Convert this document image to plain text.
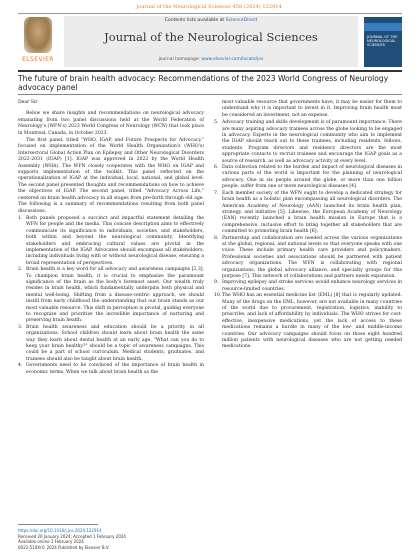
Journal of the Neurological Sciences 458 (2024) 122914
ELSEVIER
Contents lists available at ScienceDirect
Journal of the Neurological Sciences
journal homepage: www.elsevier.com/locate/jns
JOURNAL OF THE NEUROLOGICAL SCIENCES
The future of brain health advocacy: Recommendations of the 2023 World Congress of Neurology advocacy panel

Dear Sir

Below we share insights and recommendations on neurological advocacy emanating from two panel discussions held at the World Federation of Neurology's (WFN's) 2023 World Congress of Neurology (WCN) that took place in Montreal, Canada, in October 2023.

The first panel, titled "WHO, IGAP, and Future Prospects for Advocacy," focused on implementation of the World Health Organization's (WHO's) Intersectoral Global Action Plan on Epilepsy and Other Neurological Disorders 2022-2031 (IGAP) [1]. IGAP was approved in 2022 by the World Health Assembly (WHA). The WFN closely cooperates with the WHO on IGAP and supports implementation of the toolkit. This panel reflected on the operationalization of IGAP at the individual, local, national, and global level. The second panel presented thoughts and recommendations on how to achieve the objectives of IGAP. The second panel, titled "Advocacy Across Life," centered on brain health advocacy in all stages from pre-birth through old age. The following is a summary of recommendations resulting from both panel discussions.

1. Both panels proposed a succinct and impactful statement detailing the WFN for people and the media. This concise description aims to effectively communicate its significance to individuals, societies, and stakeholders, both within and beyond the neurological community. Identifying stakeholders and embracing cultural values are pivotal in the implementation of the IGAP. Advocates should encompass all stakeholders, including individuals living with or without neurological disease, ensuring a broad representation of perspectives.
2. Brain health is a key word for all advocacy and awareness campaigns [2,3]. To champion brain health, it is crucial to emphasize the paramount significance of the brain as the body's foremost asset. Our wealth truly resides in brain health, which fundamentally underpins both physical and mental well-being. Shifting from a disease-centric approach, we should instill from early childhood the understanding that our brain stands as our most valuable resource. This shift in perception is pivotal, guiding everyone to recognize and prioritize the incredible importance of nurturing and preserving brain health.
3. Brain health awareness and education should be a priority in all organizations. School children should learn about brain health the same way they learn about dental health at an early age. "What can you do to keep your brain healthy?" should be a topic of awareness campaigns. This could be a part of school curriculum. Medical students, graduates, and trainees should also be taught about brain health.
4. Governments need to be convinced of the importance of brain health in economic terms. When we talk about brain health as the

most valuable resource that governments have, it may be easier for them to understand why it is important to invest in it. Improving brain health must be considered an investment, not an expense.

5. Advocacy training and skills development is of paramount importance. There are many aspiring advocacy trainees across the globe looking to be engaged in advocacy. Experts in the neurological community who aim to implement the IGAP should reach out to these trainees, including residents, fellows, students. Program directors and residency directors are the most appropriate contacts to recruit trainees and encourage the IGAP goals as a source of research, as well as advocacy activity at every level.
6. Data collection related to the burden and impact of neurological diseases in various parts of the world is important for the planning of neurological advocacy. One in six people around the globe, or more than one billion people, suffer from one or more neurological diseases [4].
7. Each member society of the WFN ought to develop a dedicated strategy for brain health as a holistic plan encompassing all neurological disorders. The American Academy of Neurology (AAN) launched its brain health plan, strategy, and initiative [5]. Likewise, the European Academy of Neurology (EAN) recently launched a brain health mission in Europe that is a comprehensive, inclusive effort to bring together all stakeholders that are committed to promoting brain health [6].
8. Partnership and collaboration are needed across the various organizations at the global, regional, and national levels so that everyone speaks with one voice. These include primary health care providers and policymakers. Professional societies and associations should be partnered with patient advocacy organizations. The WFN is collaborating with regional organizations, the global advocacy alliance, and specialty groups for this purpose [7]. This network of collaborations and partners needs expansion.
9. Improving epilepsy and stroke services would enhance neurology services in resource-limited countries.
10. The WHO has an essential medicine list (EML) [8] that is regularly updated. Many of the drugs on the EML, however, are not available in many countries of the world due to procurement, registration, logistics, inability to prescribe, and lack of affordability by individuals. The WHO strives for cost-effective, inexpensive medications, yet the lack of access to these medications remains a hurdle in many of the low- and middle-income countries. Our advocacy campaigns should focus on those eight hundred million patients with neurological diseases who are not getting needed medications.
https://doi.org/10.1016/j.jns.2024.122914
Received 20 January 2024; Accepted 1 February 2024
Available online 1 February 2024
0022-510X/© 2024 Published by Elsevier B.V.
